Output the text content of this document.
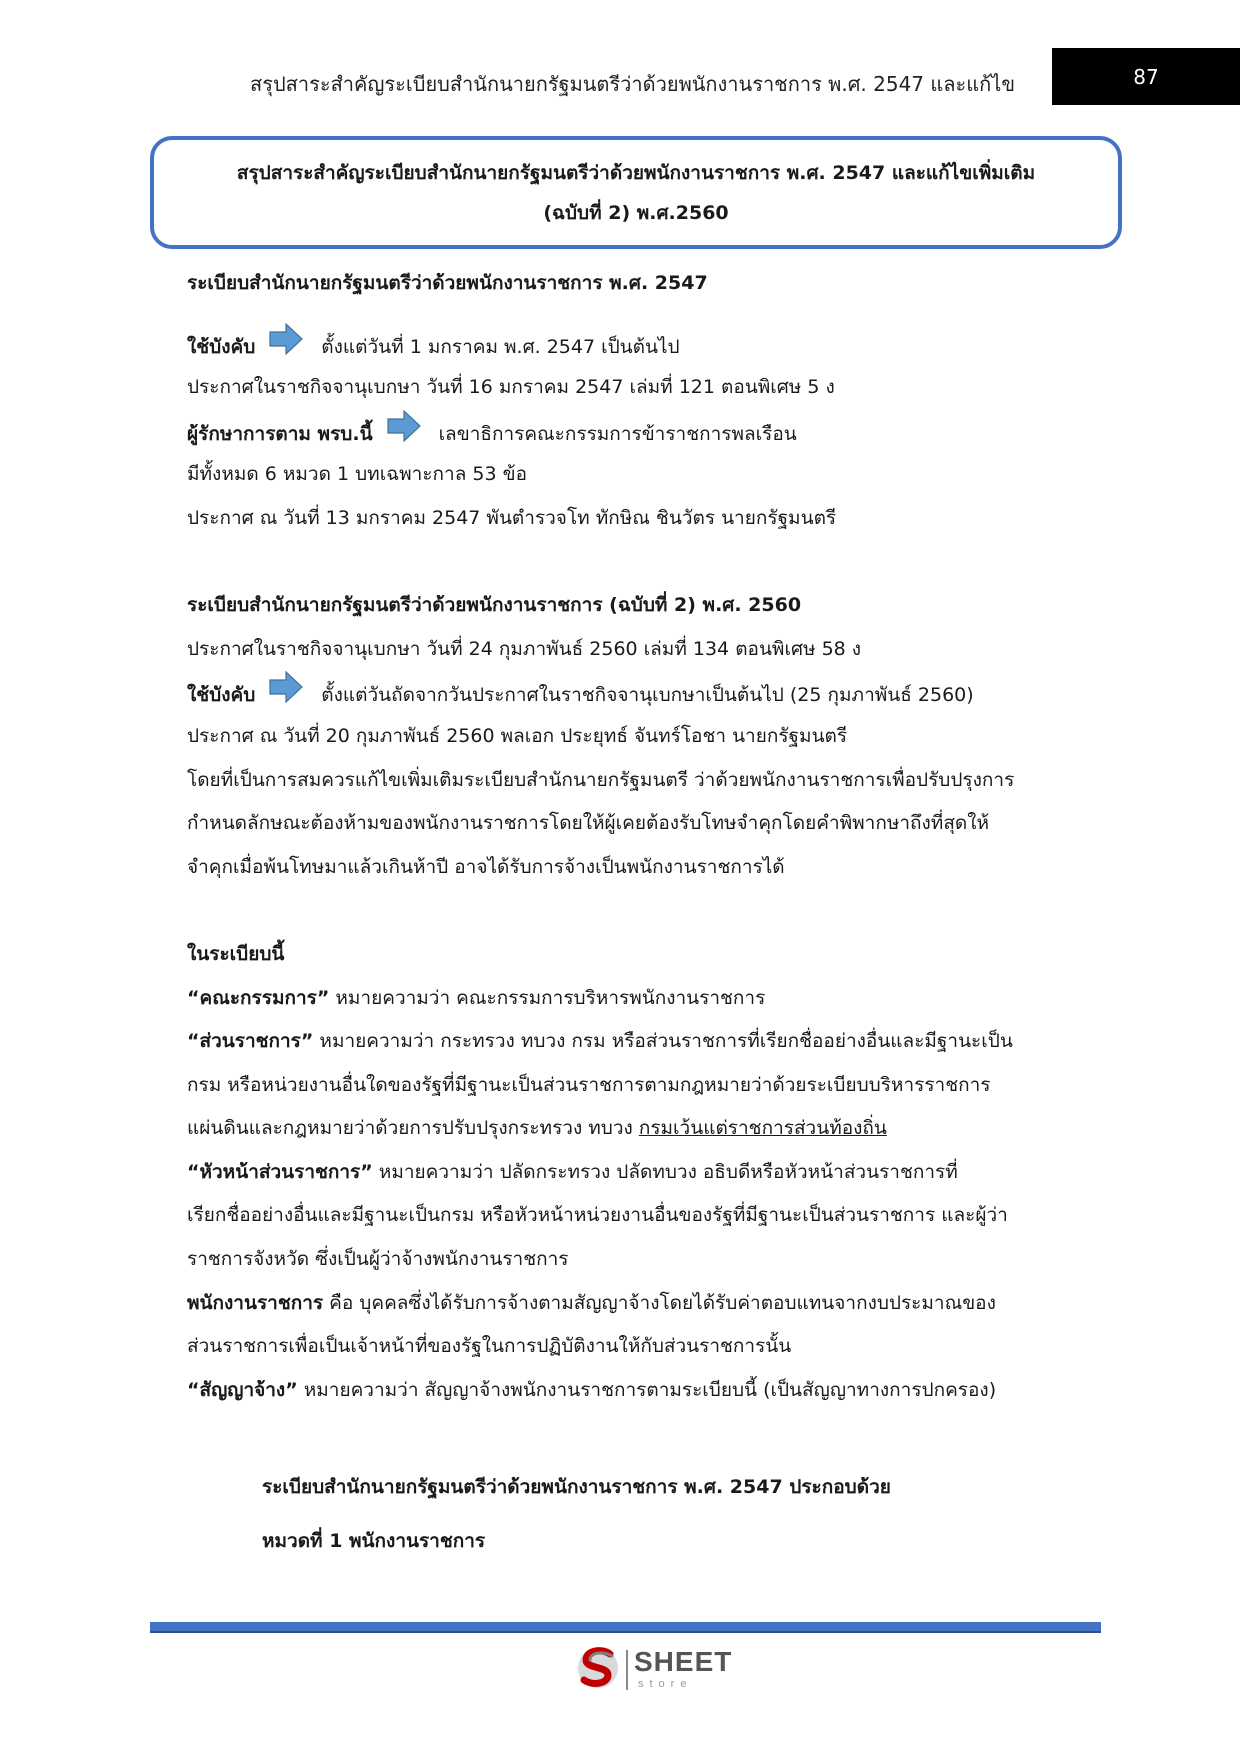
สรุปสาระสำคัญระเบียบสำนักนายกรัฐมนตรีว่าด้วยพนักงานราชการ พ.ศ. 2547 และแก้ไข	87
สรุปสาระสำคัญระเบียบสำนักนายกรัฐมนตรีว่าด้วยพนักงานราชการ พ.ศ. 2547 และแก้ไขเพิ่มเติม
(ฉบับที่ 2) พ.ศ.2560
ระเบียบสำนักนายกรัฐมนตรีว่าด้วยพนักงานราชการ พ.ศ. 2547
ใช้บังคับ	ตั้งแต่วันที่ 1 มกราคม พ.ศ. 2547 เป็นต้นไป
ประกาศในราชกิจจานุเบกษา วันที่ 16 มกราคม 2547 เล่มที่ 121 ตอนพิเศษ 5 ง
ผู้รักษาการตาม พรบ.นี้	เลขาธิการคณะกรรมการข้าราชการพลเรือน
มีทั้งหมด 6 หมวด 1 บทเฉพาะกาล 53 ข้อ
ประกาศ ณ วันที่ 13 มกราคม 2547 พันตำรวจโท ทักษิณ ชินวัตร นายกรัฐมนตรี
ระเบียบสำนักนายกรัฐมนตรีว่าด้วยพนักงานราชการ (ฉบับที่ 2) พ.ศ. 2560
ประกาศในราชกิจจานุเบกษา วันที่ 24 กุมภาพันธ์ 2560 เล่มที่ 134 ตอนพิเศษ 58 ง
ใช้บังคับ	ตั้งแต่วันถัดจากวันประกาศในราชกิจจานุเบกษาเป็นต้นไป (25 กุมภาพันธ์ 2560)
ประกาศ ณ วันที่ 20 กุมภาพันธ์ 2560 พลเอก ประยุทธ์ จันทร์โอชา นายกรัฐมนตรี
โดยที่เป็นการสมควรแก้ไขเพิ่มเติมระเบียบสำนักนายกรัฐมนตรี ว่าด้วยพนักงานราชการเพื่อปรับปรุงการ
กำหนดลักษณะต้องห้ามของพนักงานราชการโดยให้ผู้เคยต้องรับโทษจำคุกโดยคำพิพากษาถึงที่สุดให้
จำคุกเมื่อพ้นโทษมาแล้วเกินห้าปี อาจได้รับการจ้างเป็นพนักงานราชการได้
ในระเบียบนี้
“คณะกรรมการ” หมายความว่า คณะกรรมการบริหารพนักงานราชการ
“ส่วนราชการ” หมายความว่า กระทรวง ทบวง กรม หรือส่วนราชการที่เรียกชื่ออย่างอื่นและมีฐานะเป็น
กรม หรือหน่วยงานอื่นใดของรัฐที่มีฐานะเป็นส่วนราชการตามกฎหมายว่าด้วยระเบียบบริหารราชการ
แผ่นดินและกฎหมายว่าด้วยการปรับปรุงกระทรวง ทบวง กรมเว้นแต่ราชการส่วนท้องถิ่น
“หัวหน้าส่วนราชการ” หมายความว่า ปลัดกระทรวง ปลัดทบวง อธิบดีหรือหัวหน้าส่วนราชการที่
เรียกชื่ออย่างอื่นและมีฐานะเป็นกรม หรือหัวหน้าหน่วยงานอื่นของรัฐที่มีฐานะเป็นส่วนราชการ และผู้ว่า
ราชการจังหวัด ซึ่งเป็นผู้ว่าจ้างพนักงานราชการ
พนักงานราชการ คือ บุคคลซึ่งได้รับการจ้างตามสัญญาจ้างโดยได้รับค่าตอบแทนจากงบประมาณของ
ส่วนราชการเพื่อเป็นเจ้าหน้าที่ของรัฐในการปฏิบัติงานให้กับส่วนราชการนั้น
“สัญญาจ้าง” หมายความว่า สัญญาจ้างพนักงานราชการตามระเบียบนี้ (เป็นสัญญาทางการปกครอง)
ระเบียบสำนักนายกรัฐมนตรีว่าด้วยพนักงานราชการ พ.ศ. 2547 ประกอบด้วย
หมวดที่ 1 พนักงานราชการ
SHEET
store
